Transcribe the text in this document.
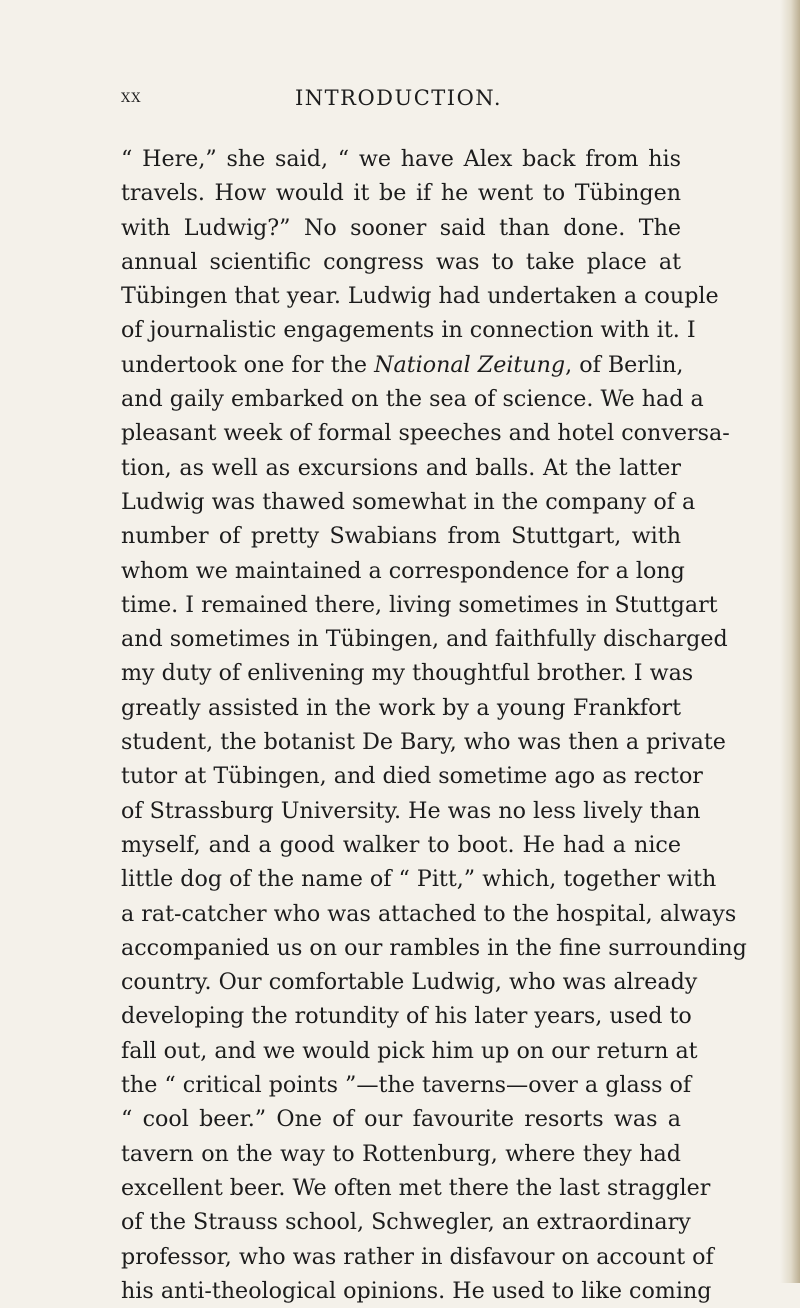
xx	INTRODUCTION.
“ Here,” she said, “ we have Alex back from his
travels. How would it be if he went to Tübingen
with Ludwig?” No sooner said than done. The
annual scientific congress was to take place at
Tübingen that year. Ludwig had undertaken a couple
of journalistic engagements in connection with it. I
undertook one for the National Zeitung, of Berlin,
and gaily embarked on the sea of science. We had a
pleasant week of formal speeches and hotel conversa-
tion, as well as excursions and balls. At the latter
Ludwig was thawed somewhat in the company of a
number of pretty Swabians from Stuttgart, with
whom we maintained a correspondence for a long
time. I remained there, living sometimes in Stuttgart
and sometimes in Tübingen, and faithfully discharged
my duty of enlivening my thoughtful brother. I was
greatly assisted in the work by a young Frankfort
student, the botanist De Bary, who was then a private
tutor at Tübingen, and died sometime ago as rector
of Strassburg University. He was no less lively than
myself, and a good walker to boot. He had a nice
little dog of the name of “ Pitt,” which, together with
a rat-catcher who was attached to the hospital, always
accompanied us on our rambles in the fine surrounding
country. Our comfortable Ludwig, who was already
developing the rotundity of his later years, used to
fall out, and we would pick him up on our return at
the “ critical points ”—the taverns—over a glass of
“ cool beer.” One of our favourite resorts was a
tavern on the way to Rottenburg, where they had
excellent beer. We often met there the last straggler
of the Strauss school, Schwegler, an extraordinary
professor, who was rather in disfavour on account of
his anti-theological opinions. He used to like coming
